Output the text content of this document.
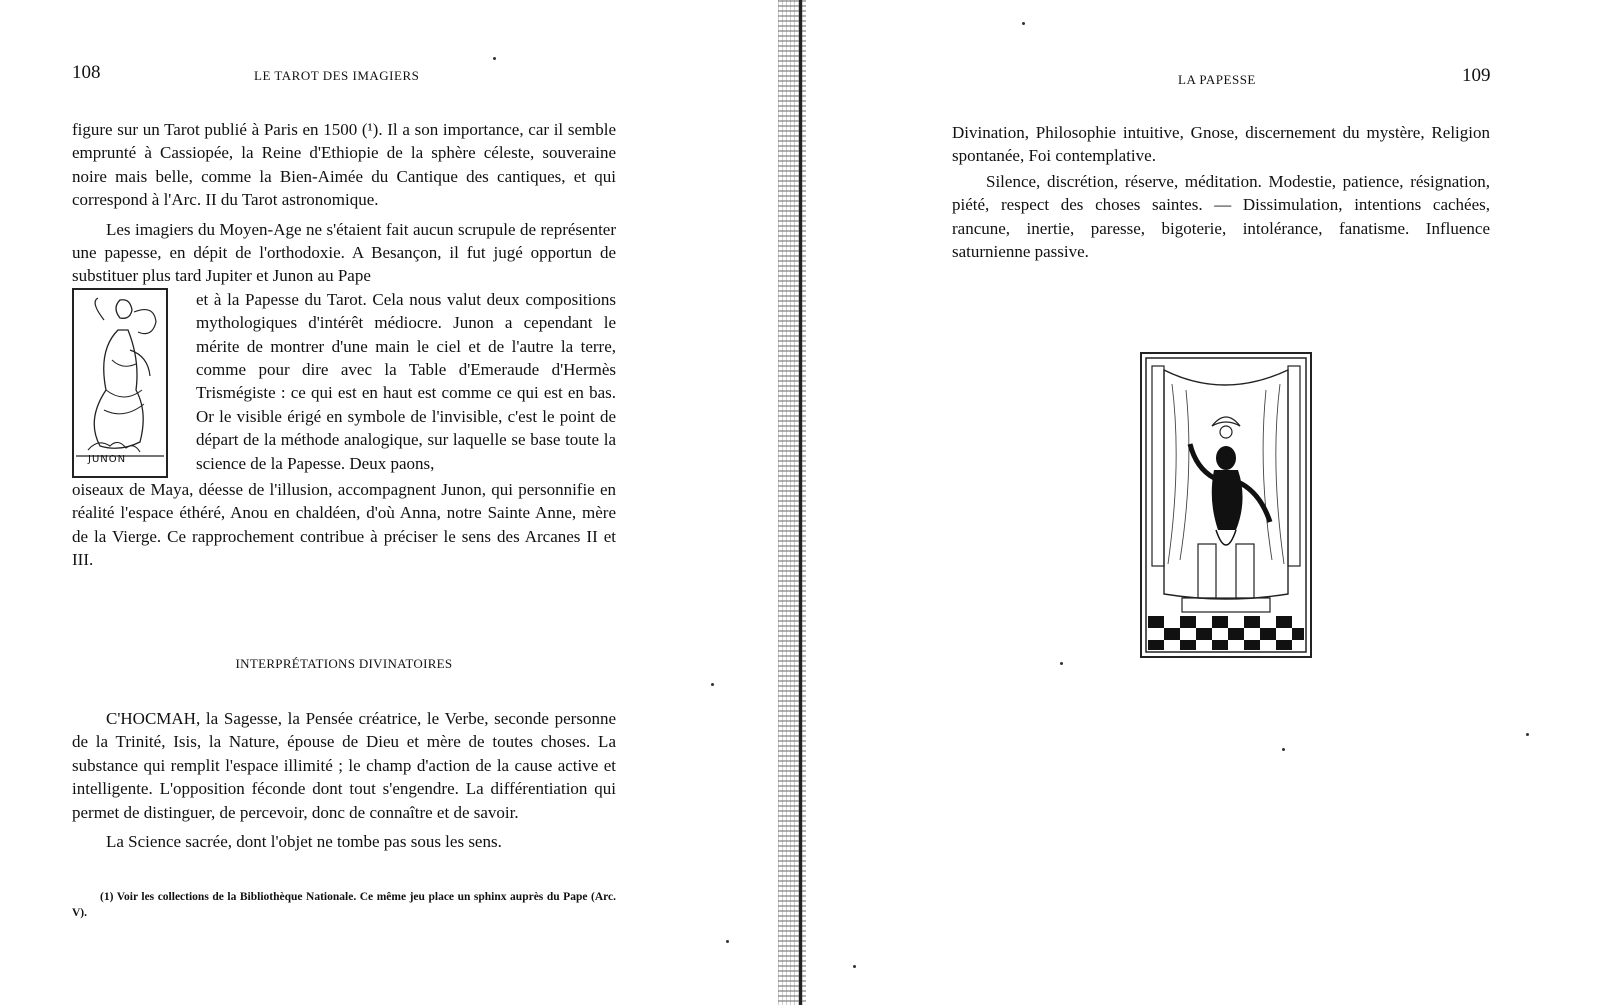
108	LE TAROT DES IMAGIERS

figure sur un Tarot publié à Paris en 1500 (¹). Il a son importance, car il semble emprunté à Cassiopée, la Reine d'Ethiopie de la sphère céleste, souveraine noire mais belle, comme la Bien-Aimée du Cantique des cantiques, et qui correspond à l'Arc. II du Tarot astronomique.

Les imagiers du Moyen-Age ne s'étaient fait aucun scrupule de représenter une papesse, en dépit de l'orthodoxie. A Besançon, il fut jugé opportun de substituer plus tard Jupiter et Junon au Pape

JUNON

et à la Papesse du Tarot. Cela nous valut deux compositions mythologiques d'intérêt médiocre. Junon a cependant le mérite de montrer d'une main le ciel et de l'autre la terre, comme pour dire avec la Table d'Emeraude d'Hermès Trismégiste : ce qui est en haut est comme ce qui est en bas. Or le visible érigé en symbole de l'invisible, c'est le point de départ de la méthode analogique, sur laquelle se base toute la science de la Papesse. Deux paons,

oiseaux de Maya, déesse de l'illusion, accompagnent Junon, qui personnifie en réalité l'espace éthéré, Anou en chaldéen, d'où Anna, notre Sainte Anne, mère de la Vierge. Ce rapprochement contribue à préciser le sens des Arcanes II et III.

INTERPRÉTATIONS DIVINATOIRES

C'HOCMAH, la Sagesse, la Pensée créatrice, le Verbe, seconde personne de la Trinité, Isis, la Nature, épouse de Dieu et mère de toutes choses. La substance qui remplit l'espace illimité ; le champ d'action de la cause active et intelligente. L'opposition féconde dont tout s'engendre. La différentiation qui permet de distinguer, de percevoir, donc de connaître et de savoir.

La Science sacrée, dont l'objet ne tombe pas sous les sens.

(1) Voir les collections de la Bibliothèque Nationale. Ce même jeu place un sphinx auprès du Pape (Arc. V).
LA PAPESSE	109

Divination, Philosophie intuitive, Gnose, discernement du mystère, Religion spontanée, Foi contemplative.

Silence, discrétion, réserve, méditation. Modestie, patience, résignation, piété, respect des choses saintes. — Dissimulation, intentions cachées, rancune, inertie, paresse, bigoterie, intolérance, fanatisme. Influence saturnienne passive.
